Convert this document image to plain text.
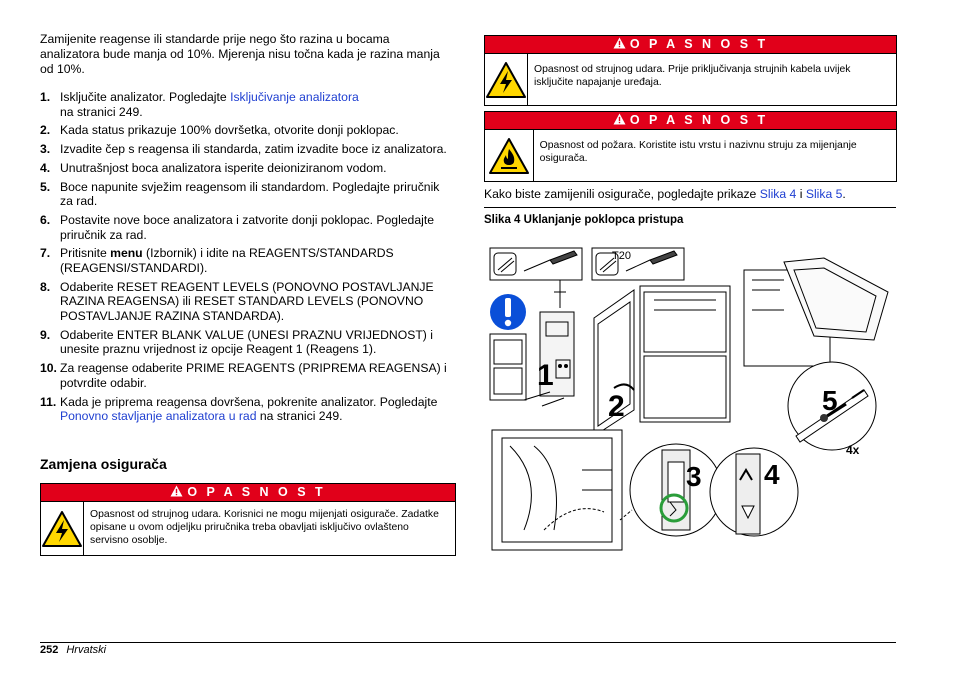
Zamijenite reagense ili standarde prije nego što razina u bocama analizatora bude manja od 10%. Mjerenja nisu točna kada je razina manja od 10%.

1. Isključite analizator. Pogledajte Isključivanje analizatora
na stranici 249.
2. Kada status prikazuje 100% dovršetka, otvorite donji poklopac.
3. Izvadite čep s reagensa ili standarda, zatim izvadite boce iz analizatora.
4. Unutrašnjost boca analizatora isperite deioniziranom vodom.
5. Boce napunite svježim reagensom ili standardom. Pogledajte priručnik za rad.
6. Postavite nove boce analizatora i zatvorite donji poklopac. Pogledajte priručnik za rad.
7. Pritisnite menu (Izbornik) i idite na REAGENTS/STANDARDS (REAGENSI/STANDARDI).
8. Odaberite RESET REAGENT LEVELS (PONOVNO POSTAVLJANJE RAZINA REAGENSA) ili RESET STANDARD LEVELS (PONOVNO POSTAVLJANJE RAZINA STANDARDA).
9. Odaberite ENTER BLANK VALUE (UNESI PRAZNU VRIJEDNOST) i unesite praznu vrijednost iz opcije Reagent 1 (Reagens 1).
10. Za reagense odaberite PRIME REAGENTS (PRIPREMA REAGENSA) i potvrdite odabir.
11. Kada je priprema reagensa dovršena, pokrenite analizator. Pogledajte Ponovno stavljanje analizatora u rad na stranici 249.
Zamjena osigurača
O P A S N O S T
Opasnost od strujnog udara. Korisnici ne mogu mijenjati osigurače. Zadatke opisane u ovom odjeljku priručnika treba obavljati isključivo ovlašteno servisno osoblje.
O P A S N O S T
Opasnost od strujnog udara. Prije priključivanja strujnih kabela uvijek isključite napajanje uređaja.
O P A S N O S T
Opasnost od požara. Koristite istu vrstu i nazivnu struju za mijenjanje osigurača.

Kako biste zamijenili osigurače, pogledajte prikaze Slika 4 i Slika 5.

Slika 4 Uklanjanje poklopca pristupa
T20
1
2	5
4x
3 4
252 Hrvatski
